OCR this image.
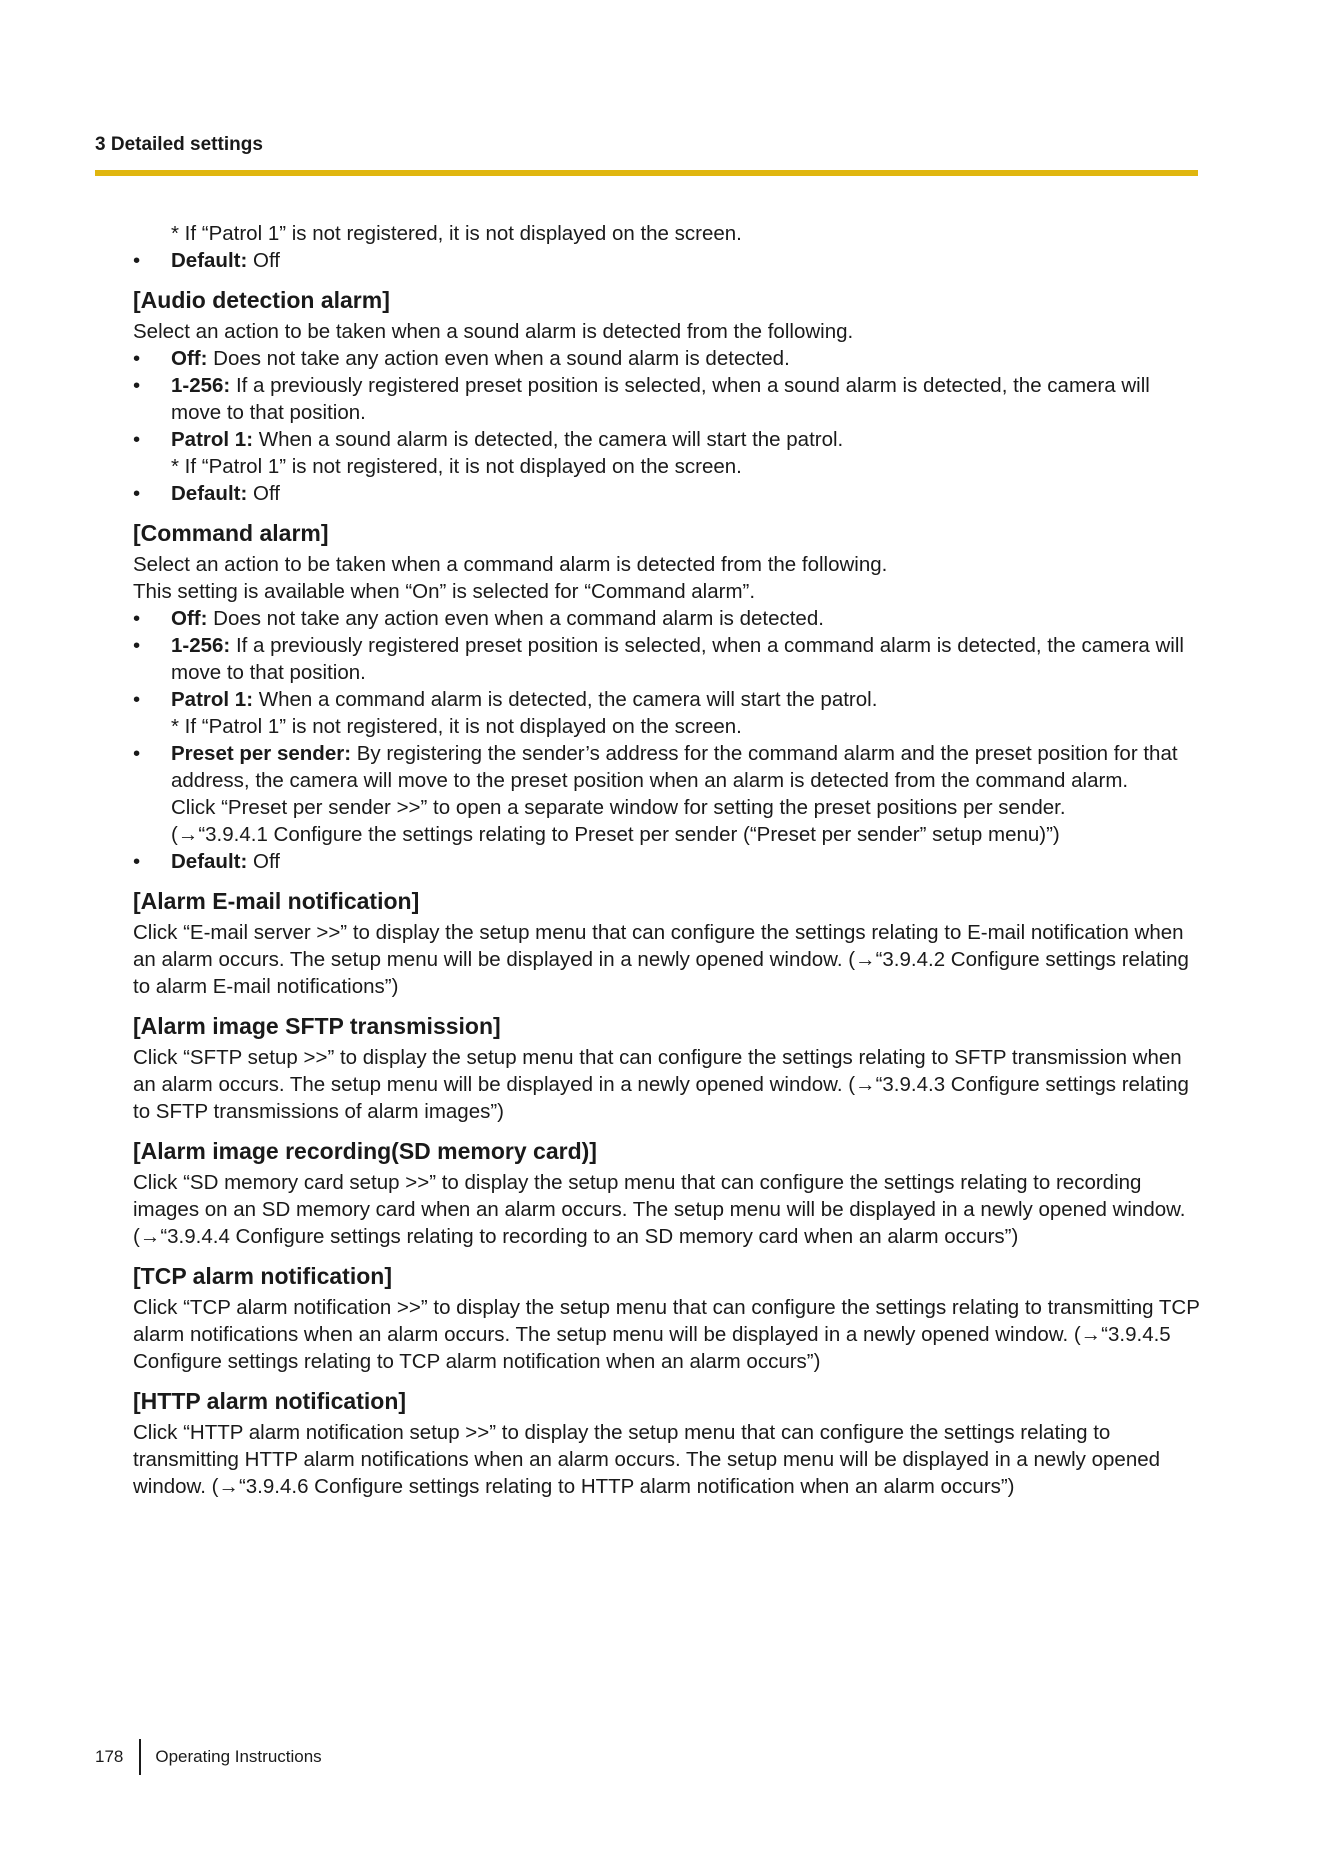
3 Detailed settings
* If “Patrol 1” is not registered, it is not displayed on the screen.
• Default: Off
[Audio detection alarm]
Select an action to be taken when a sound alarm is detected from the following.
• Off: Does not take any action even when a sound alarm is detected.
• 1-256: If a previously registered preset position is selected, when a sound alarm is detected, the camera will move to that position.
• Patrol 1: When a sound alarm is detected, the camera will start the patrol.
* If “Patrol 1” is not registered, it is not displayed on the screen.
• Default: Off
[Command alarm]
Select an action to be taken when a command alarm is detected from the following.
This setting is available when “On” is selected for “Command alarm”.
• Off: Does not take any action even when a command alarm is detected.
• 1-256: If a previously registered preset position is selected, when a command alarm is detected, the camera will move to that position.
• Patrol 1: When a command alarm is detected, the camera will start the patrol.
* If “Patrol 1” is not registered, it is not displayed on the screen.
• Preset per sender: By registering the sender’s address for the command alarm and the preset position for that address, the camera will move to the preset position when an alarm is detected from the command alarm.
Click “Preset per sender >>” to open a separate window for setting the preset positions per sender.
(→“3.9.4.1 Configure the settings relating to Preset per sender (“Preset per sender” setup menu)”)
• Default: Off
[Alarm E-mail notification]
Click “E-mail server >>” to display the setup menu that can configure the settings relating to E-mail notification when an alarm occurs. The setup menu will be displayed in a newly opened window. (→“3.9.4.2 Configure settings relating to alarm E-mail notifications”)
[Alarm image SFTP transmission]
Click “SFTP setup >>” to display the setup menu that can configure the settings relating to SFTP transmission when an alarm occurs. The setup menu will be displayed in a newly opened window. (→“3.9.4.3 Configure settings relating to SFTP transmissions of alarm images”)
[Alarm image recording(SD memory card)]
Click “SD memory card setup >>” to display the setup menu that can configure the settings relating to recording images on an SD memory card when an alarm occurs. The setup menu will be displayed in a newly opened window. (→“3.9.4.4 Configure settings relating to recording to an SD memory card when an alarm occurs”)
[TCP alarm notification]
Click “TCP alarm notification >>” to display the setup menu that can configure the settings relating to transmitting TCP alarm notifications when an alarm occurs. The setup menu will be displayed in a newly opened window. (→“3.9.4.5 Configure settings relating to TCP alarm notification when an alarm occurs”)
[HTTP alarm notification]
Click “HTTP alarm notification setup >>” to display the setup menu that can configure the settings relating to transmitting HTTP alarm notifications when an alarm occurs. The setup menu will be displayed in a newly opened window. (→“3.9.4.6 Configure settings relating to HTTP alarm notification when an alarm occurs”)
178	Operating Instructions
